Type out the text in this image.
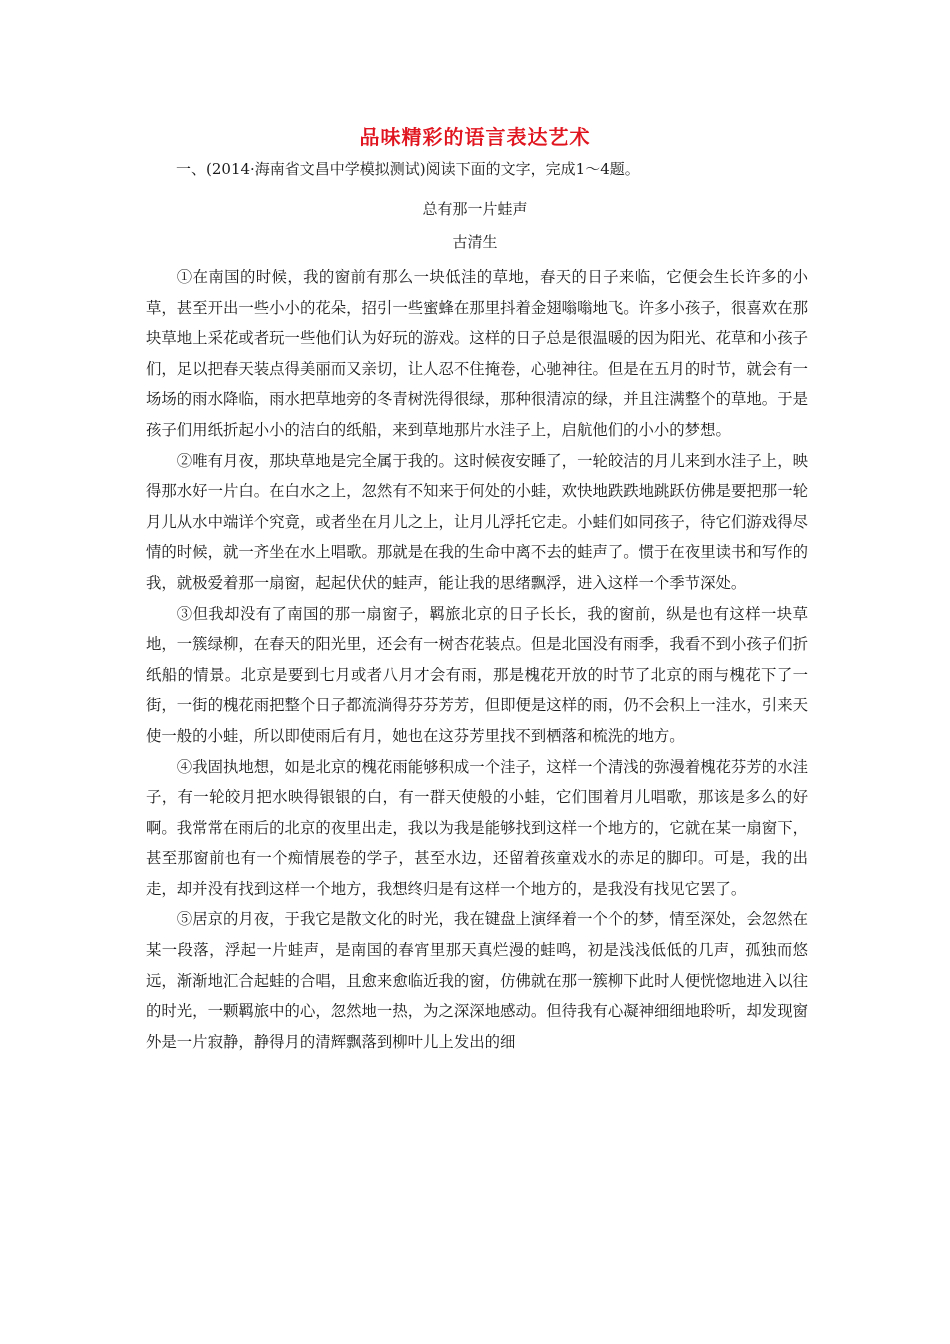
品味精彩的语言表达艺术
一、(2014·海南省文昌中学模拟测试)阅读下面的文字，完成1～4题。
总有那一片蛙声
古清生

①在南国的时候，我的窗前有那么一块低洼的草地，春天的日子来临，它便会生长许多的小草，甚至开出一些小小的花朵，招引一些蜜蜂在那里抖着金翅嗡嗡地飞。许多小孩子，很喜欢在那块草地上采花或者玩一些他们认为好玩的游戏。这样的日子总是很温暖的因为阳光、花草和小孩子们，足以把春天装点得美丽而又亲切，让人忍不住掩卷，心驰神往。但是在五月的时节，就会有一场场的雨水降临，雨水把草地旁的冬青树洗得很绿，那种很清凉的绿，并且注满整个的草地。于是孩子们用纸折起小小的洁白的纸船，来到草地那片水洼子上，启航他们的小小的梦想。

②唯有月夜，那块草地是完全属于我的。这时候夜安睡了，一轮皎洁的月儿来到水洼子上，映得那水好一片白。在白水之上，忽然有不知来于何处的小蛙，欢快地跌跌地跳跃仿佛是要把那一轮月儿从水中端详个究竟，或者坐在月儿之上，让月儿浮托它走。小蛙们如同孩子，待它们游戏得尽情的时候，就一齐坐在水上唱歌。那就是在我的生命中离不去的蛙声了。惯于在夜里读书和写作的我，就极爱着那一扇窗，起起伏伏的蛙声，能让我的思绪飘浮，进入这样一个季节深处。

③但我却没有了南国的那一扇窗子，羁旅北京的日子长长，我的窗前，纵是也有这样一块草地，一簇绿柳，在春天的阳光里，还会有一树杏花装点。但是北国没有雨季，我看不到小孩子们折纸船的情景。北京是要到七月或者八月才会有雨，那是槐花开放的时节了北京的雨与槐花下了一街，一街的槐花雨把整个日子都流淌得芬芬芳芳，但即便是这样的雨，仍不会积上一洼水，引来天使一般的小蛙，所以即使雨后有月，她也在这芬芳里找不到栖落和梳洗的地方。

④我固执地想，如是北京的槐花雨能够积成一个洼子，这样一个清浅的弥漫着槐花芬芳的水洼子，有一轮皎月把水映得银银的白，有一群天使般的小蛙，它们围着月儿唱歌，那该是多么的好啊。我常常在雨后的北京的夜里出走，我以为我是能够找到这样一个地方的，它就在某一扇窗下，甚至那窗前也有一个痴情展卷的学子，甚至水边，还留着孩童戏水的赤足的脚印。可是，我的出走，却并没有找到这样一个地方，我想终归是有这样一个地方的，是我没有找见它罢了。

⑤居京的月夜，于我它是散文化的时光，我在键盘上演绎着一个个的梦，情至深处，会忽然在某一段落，浮起一片蛙声，是南国的春宵里那天真烂漫的蛙鸣，初是浅浅低低的几声，孤独而悠远，渐渐地汇合起蛙的合唱，且愈来愈临近我的窗，仿佛就在那一簇柳下此时人便恍惚地进入以往的时光，一颗羁旅中的心，忽然地一热，为之深深地感动。但待我有心凝神细细地聆听，却发现窗外是一片寂静，静得月的清辉飘落到柳叶儿上发出的细
